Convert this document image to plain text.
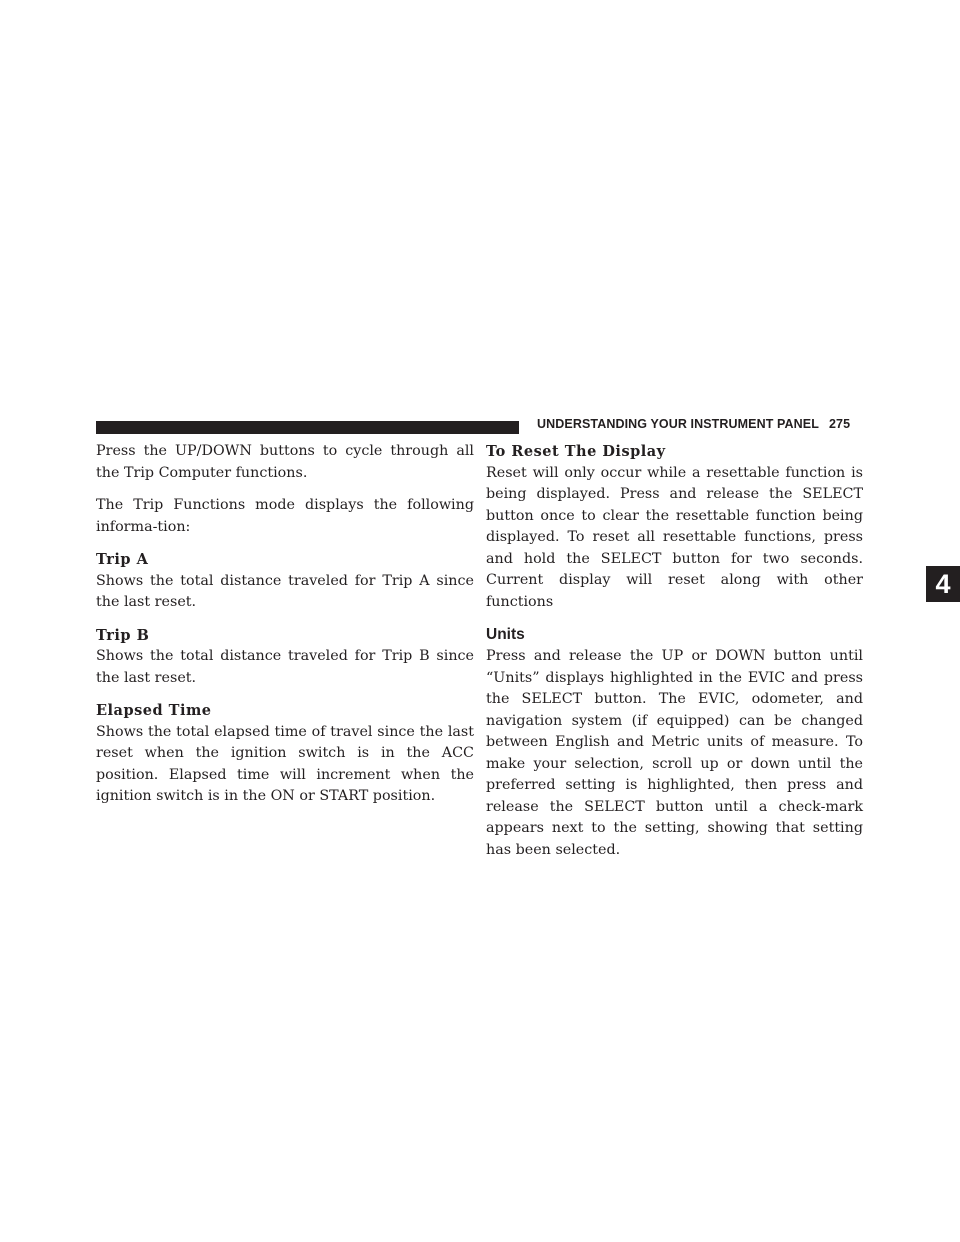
UNDERSTANDING YOUR INSTRUMENT PANEL 275
4

Press the UP/DOWN buttons to cycle through all the Trip Computer functions.

The Trip Functions mode displays the following informa-tion:

Trip A

Shows the total distance traveled for Trip A since the last reset.

Trip B

Shows the total distance traveled for Trip B since the last reset.

Elapsed Time

Shows the total elapsed time of travel since the last reset when the ignition switch is in the ACC position. Elapsed time will increment when the ignition switch is in the ON or START position.

To Reset The Display

Reset will only occur while a resettable function is being displayed. Press and release the SELECT button once to clear the resettable function being displayed. To reset all resettable functions, press and hold the SELECT button for two seconds. Current display will reset along with other functions

Units

Press and release the UP or DOWN button until “Units” displays highlighted in the EVIC and press the SELECT button. The EVIC, odometer, and navigation system (if equipped) can be changed between English and Metric units of measure. To make your selection, scroll up or down until the preferred setting is highlighted, then press and release the SELECT button until a check-mark appears next to the setting, showing that setting has been selected.
